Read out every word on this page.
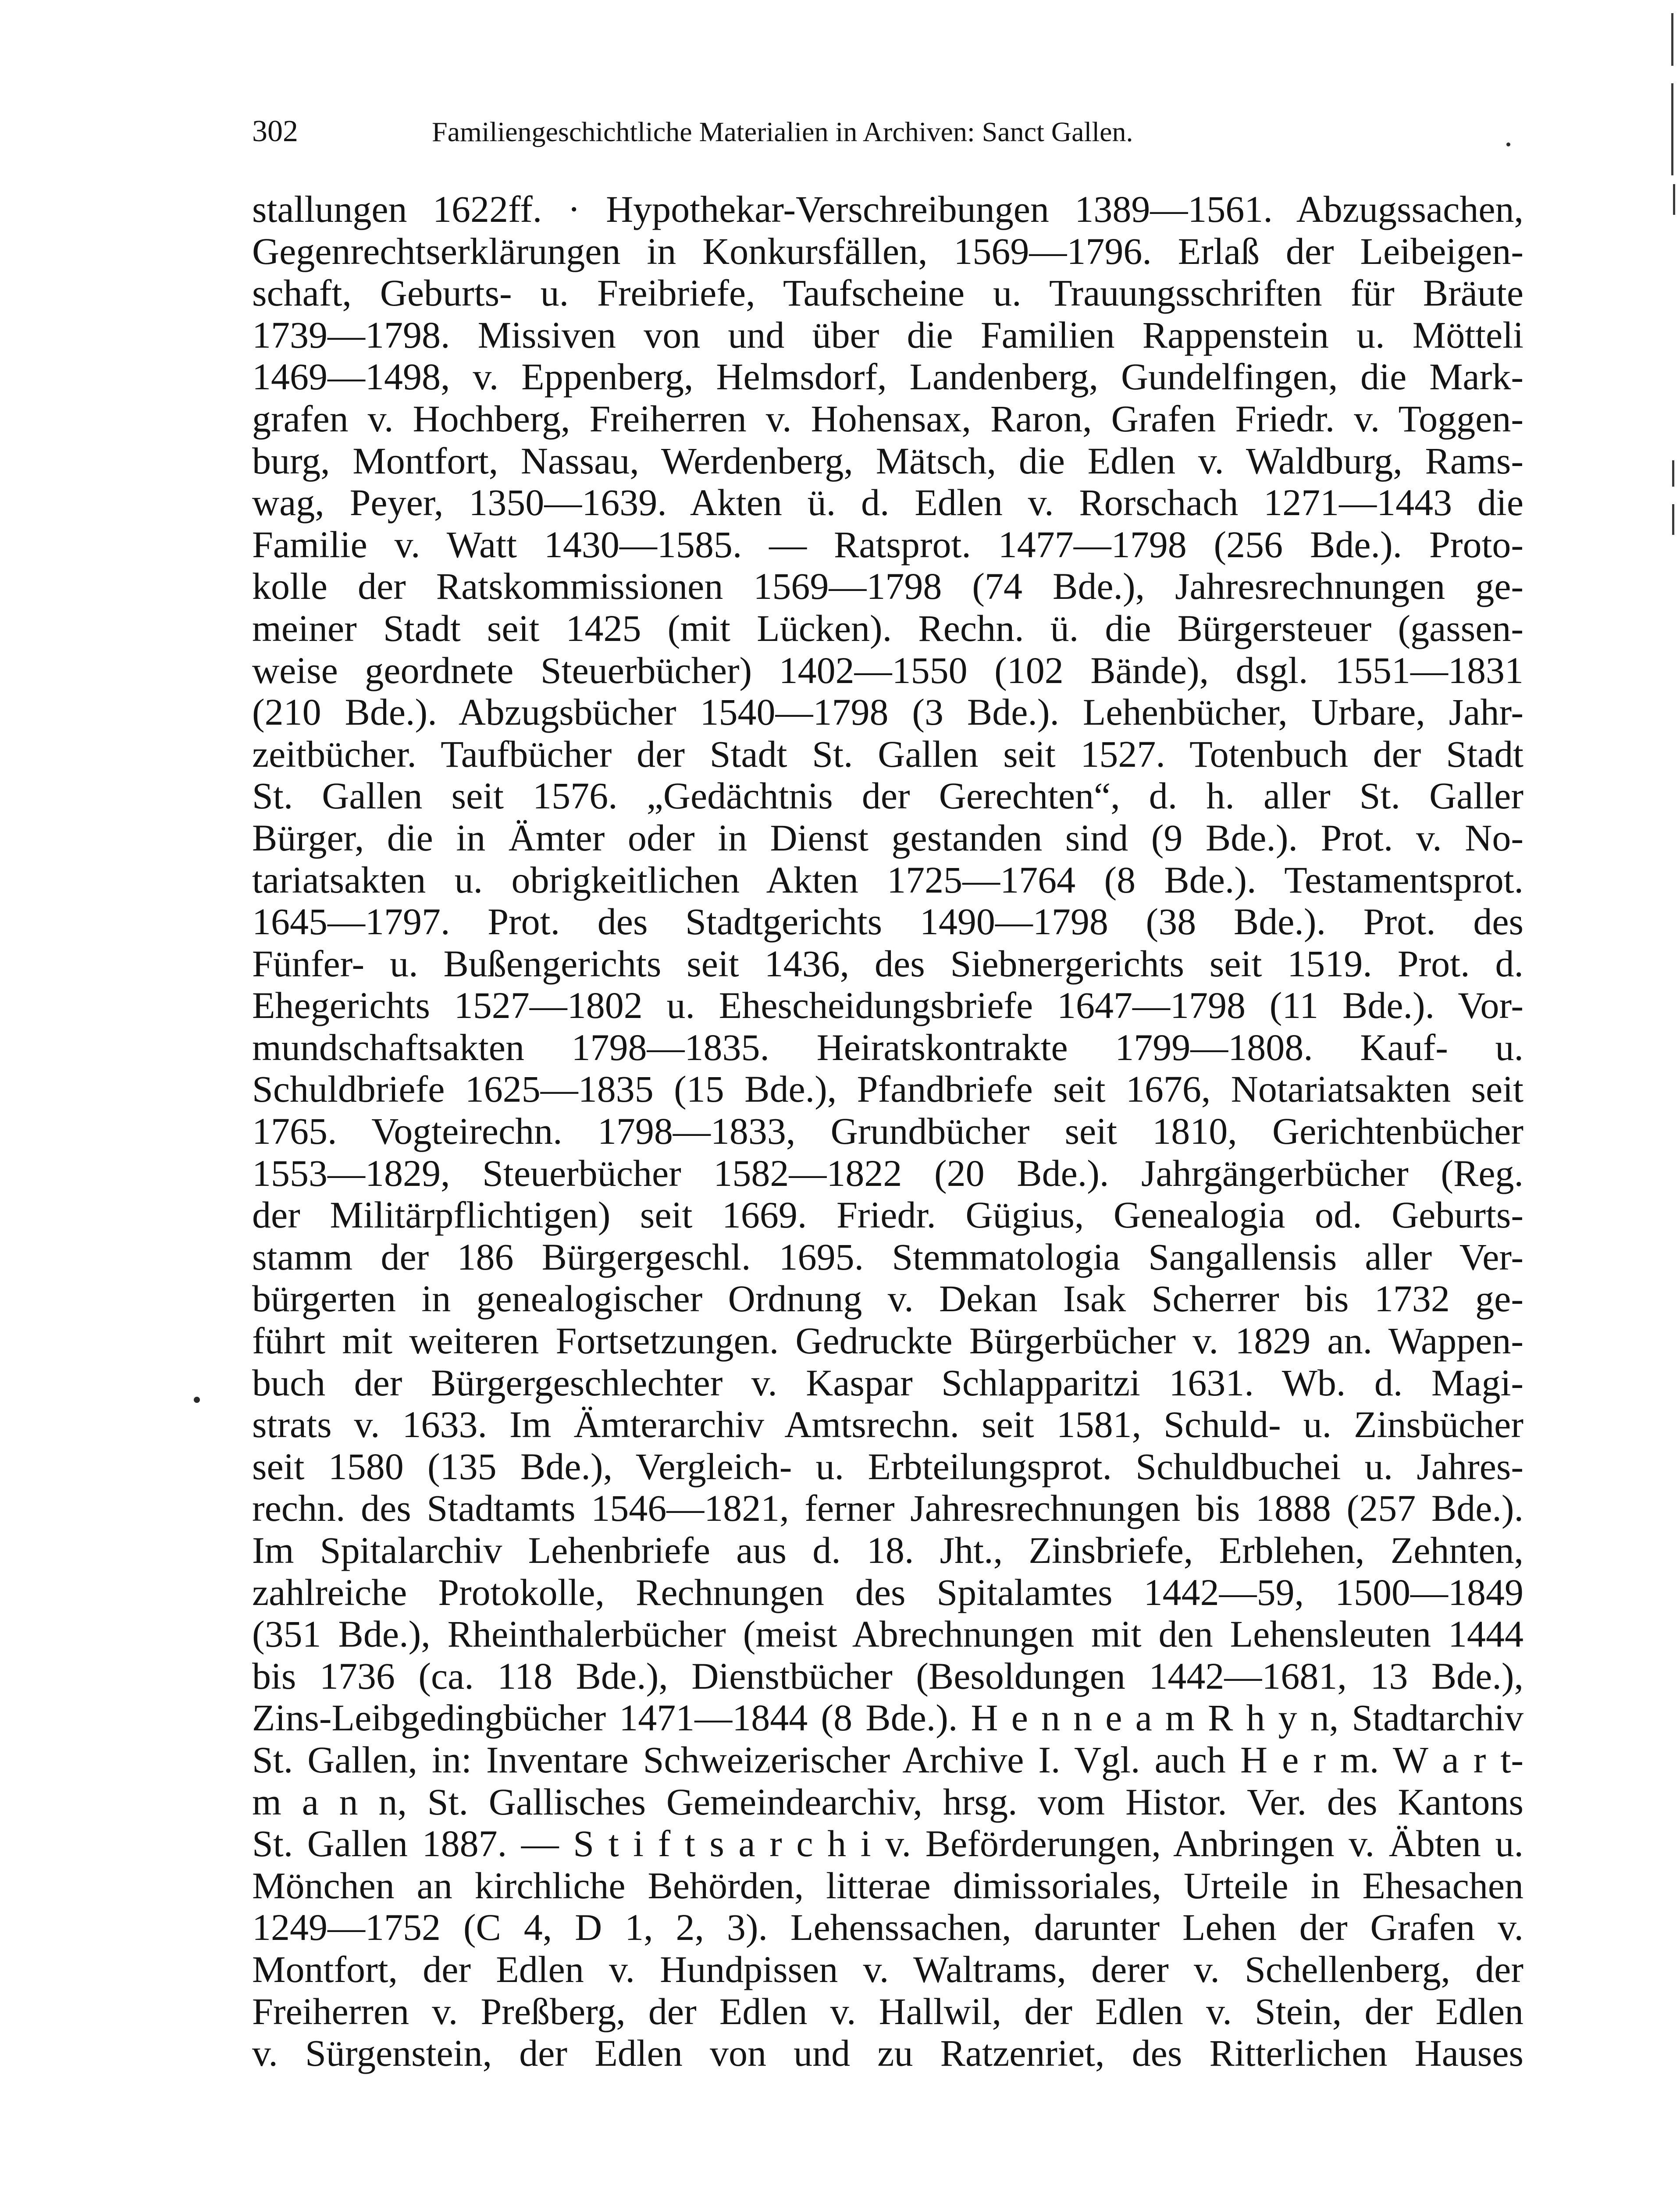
302	Familiengeschichtliche Materialien in Archiven: Sanct Gallen.
stallungen 1622ff. · Hypothekar-Verschreibungen 1389—1561. Abzugssachen,
Gegenrechtserklärungen in Konkursfällen, 1569—1796. Erlaß der Leibeigen-
schaft, Geburts- u. Freibriefe, Taufscheine u. Trauungsschriften für Bräute
1739—1798. Missiven von und über die Familien Rappenstein u. Mötteli
1469—1498, v. Eppenberg, Helmsdorf, Landenberg, Gundelfingen, die Mark-
grafen v. Hochberg, Freiherren v. Hohensax, Raron, Grafen Friedr. v. Toggen-
burg, Montfort, Nassau, Werdenberg, Mätsch, die Edlen v. Waldburg, Rams-
wag, Peyer, 1350—1639. Akten ü. d. Edlen v. Rorschach 1271—1443 die
Familie v. Watt 1430—1585. — Ratsprot. 1477—1798 (256 Bde.). Proto-
kolle der Ratskommissionen 1569—1798 (74 Bde.), Jahresrechnungen ge-
meiner Stadt seit 1425 (mit Lücken). Rechn. ü. die Bürgersteuer (gassen-
weise geordnete Steuerbücher) 1402—1550 (102 Bände), dsgl. 1551—1831
(210 Bde.). Abzugsbücher 1540—1798 (3 Bde.). Lehenbücher, Urbare, Jahr-
zeitbücher. Taufbücher der Stadt St. Gallen seit 1527. Totenbuch der Stadt
St. Gallen seit 1576. „Gedächtnis der Gerechten“, d. h. aller St. Galler
Bürger, die in Ämter oder in Dienst gestanden sind (9 Bde.). Prot. v. No-
tariatsakten u. obrigkeitlichen Akten 1725—1764 (8 Bde.). Testamentsprot.
1645—1797. Prot. des Stadtgerichts 1490—1798 (38 Bde.). Prot. des
Fünfer- u. Bußengerichts seit 1436, des Siebnergerichts seit 1519. Prot. d.
Ehegerichts 1527—1802 u. Ehescheidungsbriefe 1647—1798 (11 Bde.). Vor-
mundschaftsakten 1798—1835. Heiratskontrakte 1799—1808. Kauf- u.
Schuldbriefe 1625—1835 (15 Bde.), Pfandbriefe seit 1676, Notariatsakten seit
1765. Vogteirechn. 1798—1833, Grundbücher seit 1810, Gerichtenbücher
1553—1829, Steuerbücher 1582—1822 (20 Bde.). Jahrgängerbücher (Reg.
der Militärpflichtigen) seit 1669. Friedr. Gügius, Genealogia od. Geburts-
stamm der 186 Bürgergeschl. 1695. Stemmatologia Sangallensis aller Ver-
bürgerten in genealogischer Ordnung v. Dekan Isak Scherrer bis 1732 ge-
führt mit weiteren Fortsetzungen. Gedruckte Bürgerbücher v. 1829 an. Wappen-
buch der Bürgergeschlechter v. Kaspar Schlapparitzi 1631. Wb. d. Magi-
strats v. 1633. Im Ämterarchiv Amtsrechn. seit 1581, Schuld- u. Zinsbücher
seit 1580 (135 Bde.), Vergleich- u. Erbteilungsprot. Schuldbuchei u. Jahres-
rechn. des Stadtamts 1546—1821, ferner Jahresrechnungen bis 1888 (257 Bde.).
Im Spitalarchiv Lehenbriefe aus d. 18. Jht., Zinsbriefe, Erblehen, Zehnten,
zahlreiche Protokolle, Rechnungen des Spitalamtes 1442—59, 1500—1849
(351 Bde.), Rheinthalerbücher (meist Abrechnungen mit den Lehensleuten 1444
bis 1736 (ca. 118 Bde.), Dienstbücher (Besoldungen 1442—1681, 13 Bde.),
Zins-Leibgedingbücher 1471—1844 (8 Bde.). H e n n e a m R h y n, Stadtarchiv
St. Gallen, in: Inventare Schweizerischer Archive I. Vgl. auch H e r m. W a r t-
m a n n, St. Gallisches Gemeindearchiv, hrsg. vom Histor. Ver. des Kantons
St. Gallen 1887. — S t i f t s a r c h i v. Beförderungen, Anbringen v. Äbten u.
Mönchen an kirchliche Behörden, litterae dimissoriales, Urteile in Ehesachen
1249—1752 (C 4, D 1, 2, 3). Lehenssachen, darunter Lehen der Grafen v.
Montfort, der Edlen v. Hundpissen v. Waltrams, derer v. Schellenberg, der
Freiherren v. Preßberg, der Edlen v. Hallwil, der Edlen v. Stein, der Edlen
v. Sürgenstein, der Edlen von und zu Ratzenriet, des Ritterlichen Hauses
